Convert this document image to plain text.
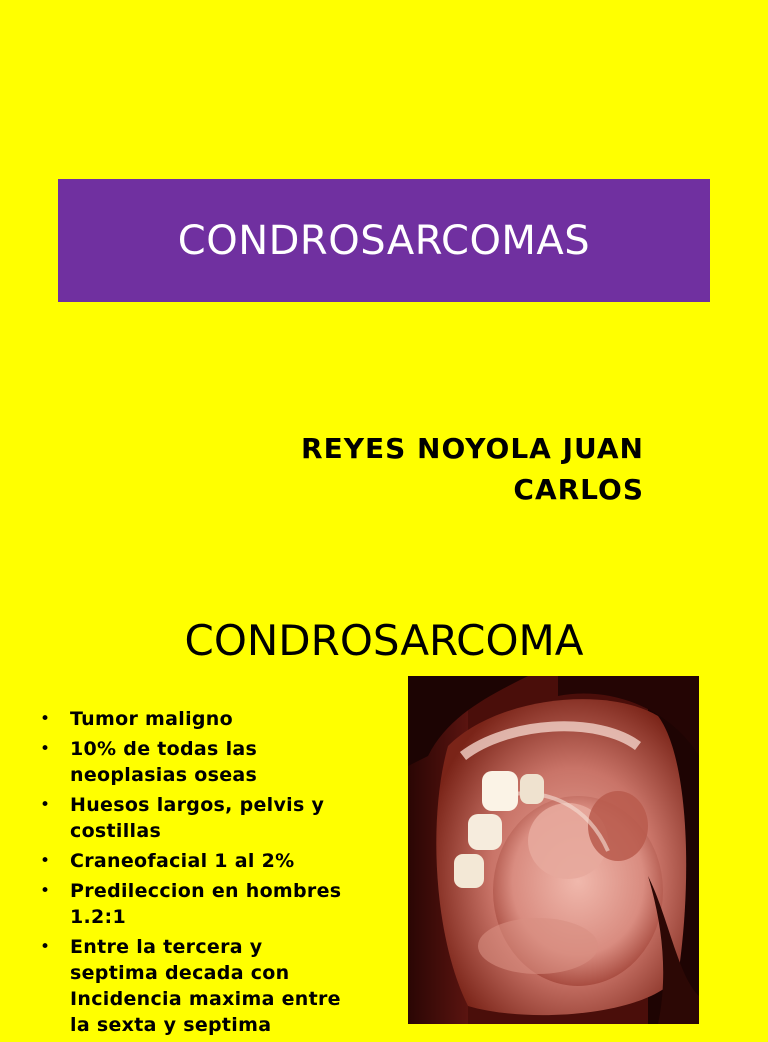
CONDROSARCOMAS
REYES NOYOLA JUAN
CARLOS
CONDROSARCOMA
• Tumor maligno
• 10% de todas las
neoplasias oseas
• Huesos largos, pelvis y
costillas
• Craneofacial 1 al 2%
• Predileccion en hombres
1.2:1
• Entre la tercera y
septima decada con
Incidencia maxima entre
la sexta y septima
